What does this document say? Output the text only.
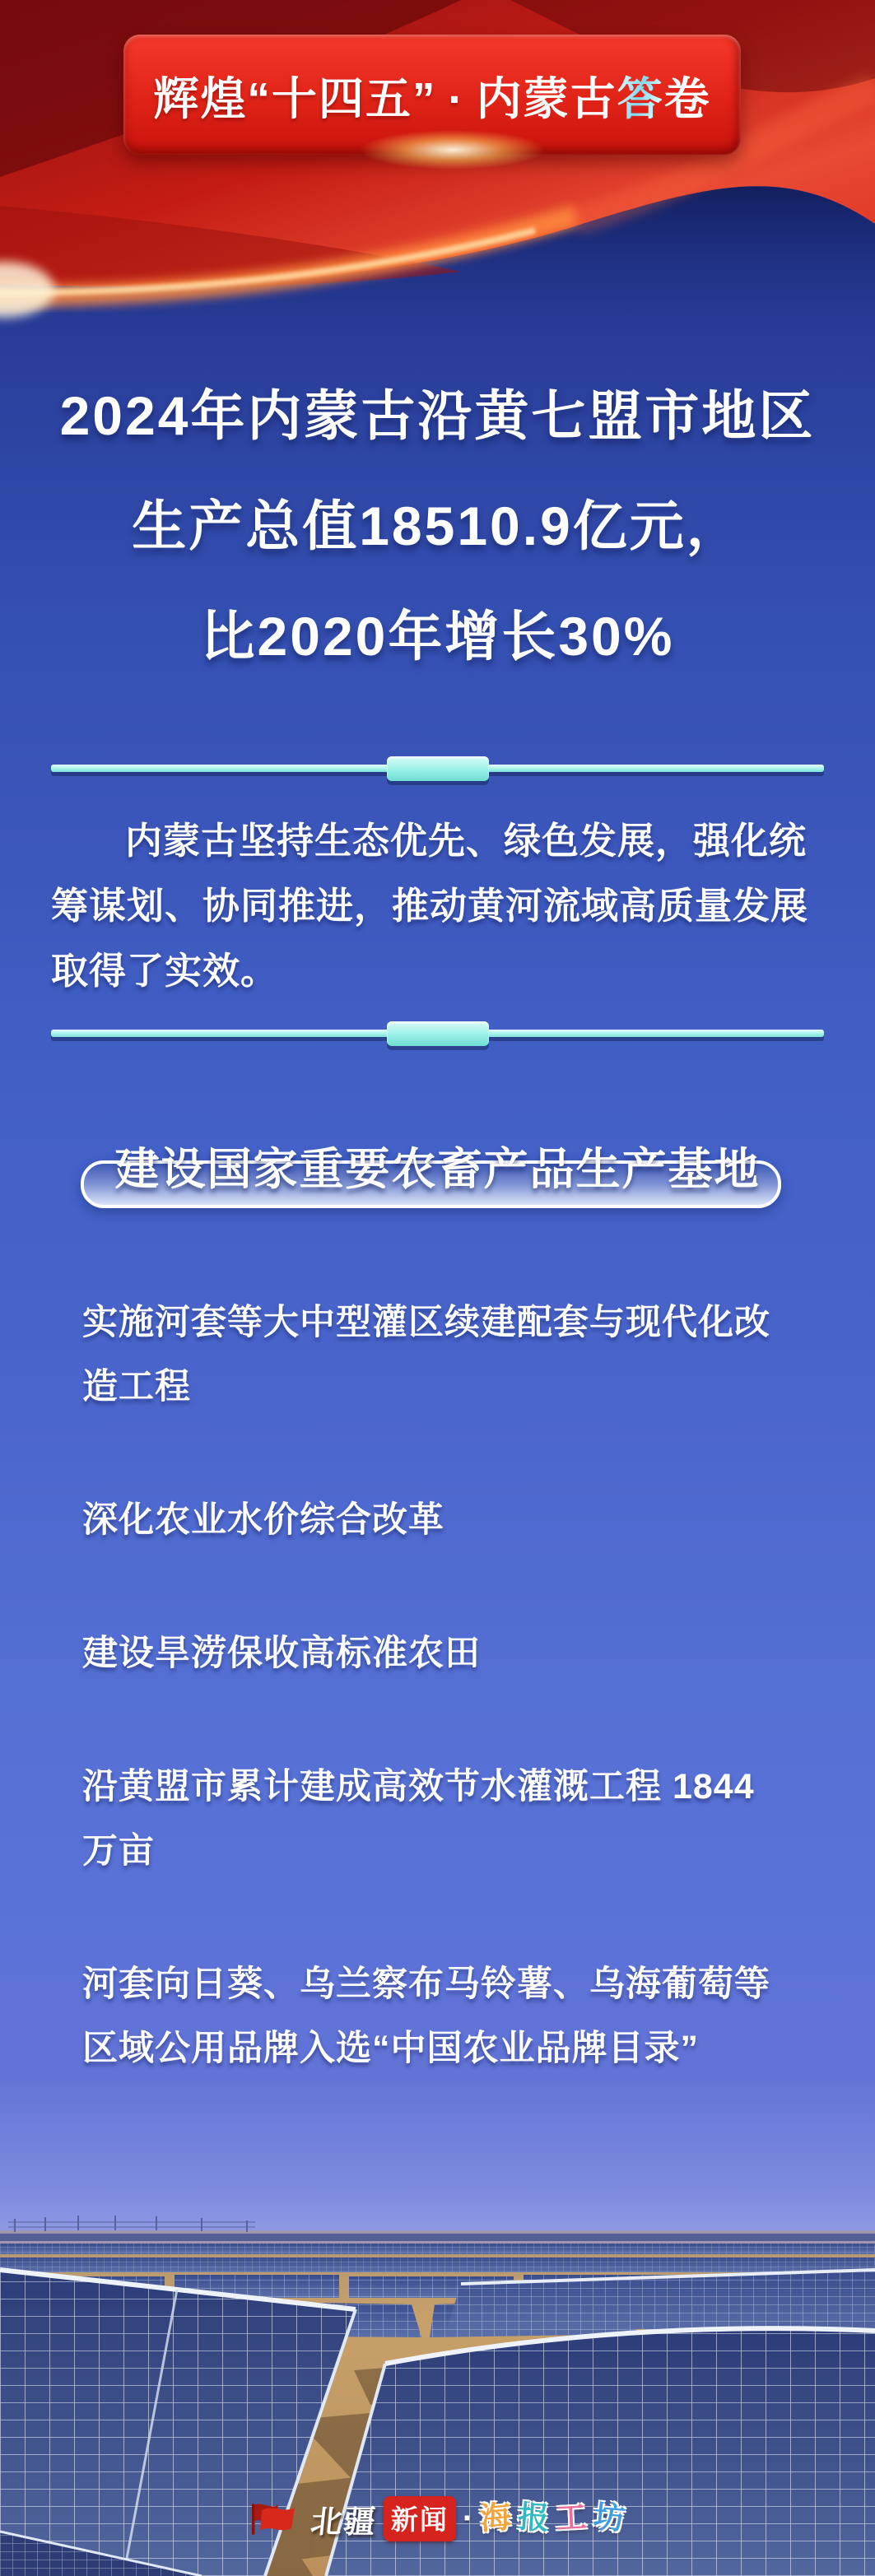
辉煌“十四五” · 内蒙古答卷
2024年内蒙古沿黄七盟市地区
生产总值18510.9亿元，
比2020年增长30%

内蒙古坚持生态优先、绿色发展，强化统筹谋划、协同推进，推动黄河流域高质量发展取得了实效。

建设国家重要农畜产品生产基地
实施河套等大中型灌区续建配套与现代化改造工程
深化农业水价综合改革
建设旱涝保收高标准农田
沿黄盟市累计建成高效节水灌溉工程 1844 万亩
河套向日葵、乌兰察布马铃薯、乌海葡萄等区域公用品牌入选“中国农业品牌目录”
北疆 新闻 · 海 报 工 坊
